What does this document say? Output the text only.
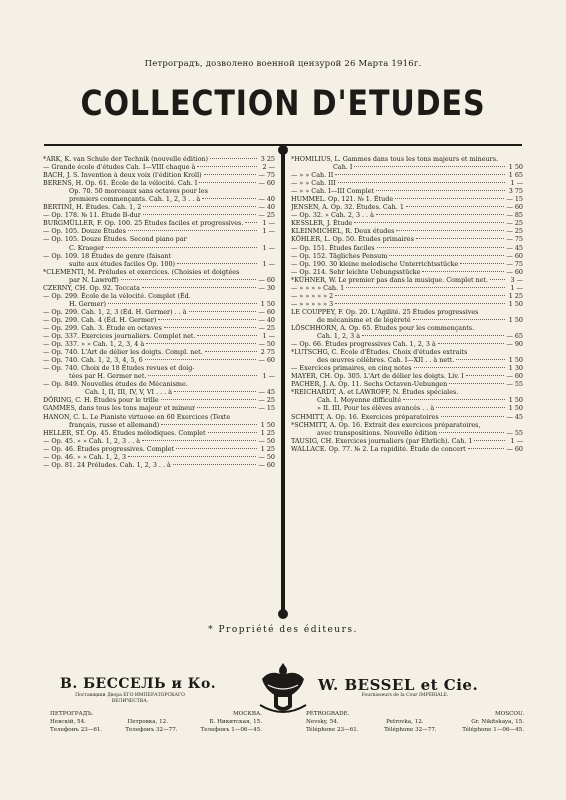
Петроградъ, дозволено военной цензурой 26 Марта 1916г.
COLLECTION D'ETUDES
*ARK, K. van Schule der Technik (nouvelle édition)	3 25
— Grande école d'études Cah. I—VIII chaque à	2 —
BACH, J. S. Invention à deux voix (l'édition Kroll)	— 75
BERENS, H. Op. 61. École de la vélocité. Cah. I	— 60
Op. 70. 50 morceaux sans octaves pour les
premiers commençants. Cah. 1, 2, 3 . . à	— 40
BERTINI, H. Études. Cah. 1, 2	— 40
— Op. 178. № 11. Étude B-dur	— 25
BURGMÜLLER, F. Op. 100. 25 Études faciles et progressives.	1 —
— Op. 105. Douze Études	1 —
— Op. 105. Douze Études. Second piano par
C. Kraeger	1 —
— Op. 109. 18 Études de genre (faisant
suite aux études faciles Op. 100)	1 —
*CLEMENTI, M. Préludes et exercices. (Choisies et doigtées
par N. Lawroff)	— 60
CZERNY, CH. Op. 92. Toccata	— 30
— Op. 299. École de la vélocité. Complet (Éd.
H. Germer)	1 50
— Op. 299. Cah. 1, 2, 3 (Éd. H. Germer) . . à	— 60
— Op. 299. Cah. 4 (Éd. H. Germer)	— 40
— Op. 299. Cah. 3. Étude en octaves	— 25
— Op. 337. Exercices journaliers. Complet net.	1 —
— Op. 337. » » Cah. 1, 2, 3, 4 à	— 50
— Op. 740. L'Art de délier les doigts. Compl. net.	2 75
— Op. 740. Cah. 1, 2, 3, 4, 5, 6	— 60
— Op. 740. Choix de 18 Études revues et doig-
tées par H. Germer net.	1 —
— Op. 849. Nouvelles études de Mécanisme.
Cah. I, II, III, IV, V, VI . . . à	— 45
DÖRING, C. H. Études pour le trille	— 25
GAMMES, dans tous les tons majeur et mineur	— 15
HANON, C. L. Le Pianiste virtuose en 60 Exercices (Texte
français, russe et allemand)	1 50
HELLER, ST. Op. 45. Études mélodiques. Complet	1 25
— Op. 45. » » Cah. 1, 2, 3 . . à	— 50
— Op. 46. Études progressives. Complet	1 25
— Op. 46. » » Cah. 1, 2, 3	— 50
— Op. 81. 24 Préludes. Cah. 1, 2, 3 . . à	— 60
*HOMILIUS, L. Gammes dans tous les tons majeurs et mineurs.
Cah. I	1 50
— » » Cah. II	1 65
— » » Cah. III	1 —
— » » Cah. I—III Complet	3 75
HUMMEL. Op. 121. № 1. Étude	— 15
JENSEN, A. Op. 32. Études. Cah. 1	— 60
— Op. 32. » Cah. 2, 3 . . à	— 85
KESSLER, J. Étude	— 25
KLEINMICHEL, R. Deux études	— 25
KÖHLER, L. Op. 50. Études primaires	— 75
— Op. 151. Études faciles	— 45
— Op. 152. Tägliches Pensum	— 60
— Op. 190. 30 kleine melodische Unterrichtsstücke	— 75
— Op. 214. Sehr leichte Uebungsstücke	— 60
*KÜHNER, W. Le premier pas dans la musique. Complet net.	3 —
— » » » » Cah. 1	1 —
— » » » » » 2	1 25
— » » » » » 3	1 50
LE COUPPEY, F. Op. 20. L'Agilité. 25 Études progressives
de mécanisme et de légèreté	1 50
LÖSCHHORN, A. Op. 65. Études pour les commençants.
Cah. 1, 2, 3 à	— 65
— Op. 66. Études progressives Cah. 1, 2, 3 à	— 90
*LUTSCHG, C. École d'Études. Choix d'études extraits
des œuvres célèbres. Cah. I—XII . . à nett.	1 50
— Exercices primaires, en cinq notes	1 30
MAYER, CH. Op. 305. L'Art de délier les doigts. Liv. I	— 60
PACHER, J. A. Op. 11. Sechs Octaven-Uebungen	— 55
*REICHARDT, A. et LAWROFF, N. Études spéciales.
Cah. I. Moyenne difficulté	1 50
» II. III. Pour les élèves avancés . . à	1 50
SCHMITT, A. Op. 16. Exercices préparatoires	— 45
*SCHMITT, A. Op. 16. Extrait des exercices préparatoires,
avec transpositions. Nouvelle édition	— 55
TAUSIG, CH. Exercices journaliers (par Ehrlich). Cah. 1	1 —
WALLACE. Op. 77. № 2. La rapidité. Étude de concert	— 60
* Propriété des éditeurs.
В. БЕССЕЛЬ и Ко.
Поставщики Двора ЕГО ИМПЕРАТОРСКАГО ВЕЛИЧЕСТВА.
W. BESSEL et Cie.
Fournisseurs de la Cour IMPÉRIALE.
ПЕТРОГРАДЪ.	МОСКВА.
Невскій, 54.	Петровка, 12.	Б. Никитская, 15.
Телефонъ 23—61.	Телефонъ 32—77.	Телефонъ 1—06—45.
PÉTROGRADE.	MOSCOU.
Nevsky, 54.	Petrovka, 12.	Gr. Nikitskaya, 15.
Téléphone 23—61.	Téléphone 32—77.	Téléphone 1—06—45.
